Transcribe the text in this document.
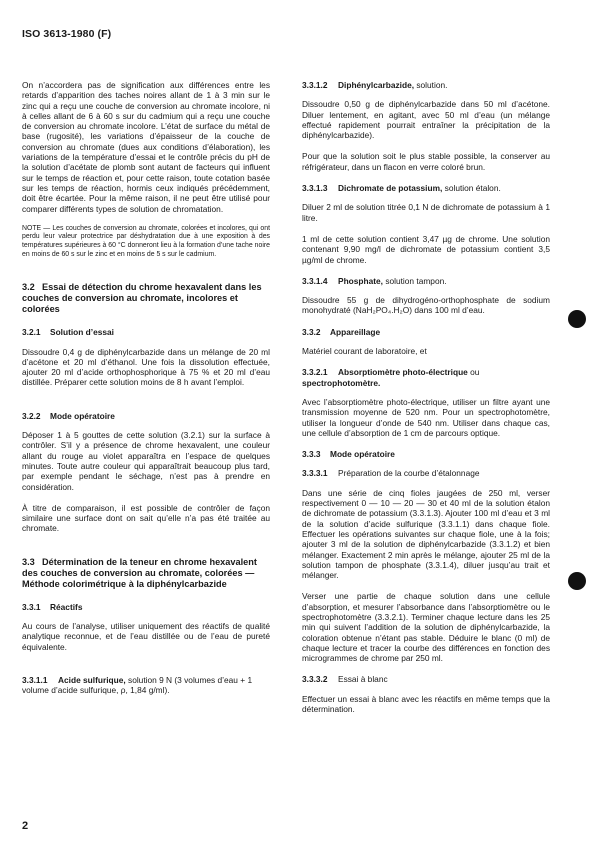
ISO 3613-1980 (F)

On n’accordera pas de signification aux différences entre les retards d’apparition des taches noires allant de 1 à 3 min sur le zinc qui a reçu une couche de conversion au chromate incolore, ni à celles allant de 6 à 60 s sur du cadmium qui a reçu une couche de conversion au chromate incolore. L’état de surface du métal de base (rugosité), les variations d’épaisseur de la couche de conversion au chromate (dues aux conditions d’élaboration), les variations de la température d’essai et le contrôle précis du pH de la solution d’acétate de plomb sont autant de facteurs qui influent sur le temps de réaction et, pour cette raison, toute cotation basée sur les temps de réaction, hormis ceux indiqués précédemment, doit être écartée. Pour la même raison, il ne peut être utilisé pour comparer différents types de solution de chromatation.

NOTE — Les couches de conversion au chromate, colorées et incolores, qui ont perdu leur valeur protectrice par déshydratation due à une exposition à des températures supérieures à 60 °C donneront lieu à la formation d’une tache noire en moins de 60 s sur le zinc et en moins de 5 s sur le cadmium.

3.2 Essai de détection du chrome hexavalent dans les couches de conversion au chromate, incolores et colorées
3.2.1 Solution d’essai

Dissoudre 0,4 g de diphénylcarbazide dans un mélange de 20 ml d’acétone et 20 ml d’éthanol. Une fois la dissolution effectuée, ajouter 20 ml d’acide orthophosphorique à 75 % et 20 ml d’eau distillée. Préparer cette solution moins de 8 h avant l’emploi.

3.2.2 Mode opératoire

Déposer 1 à 5 gouttes de cette solution (3.2.1) sur la surface à contrôler. S’il y a présence de chrome hexavalent, une couleur allant du rouge au violet apparaîtra en l’espace de quelques minutes. Toute autre couleur qui apparaîtrait beaucoup plus tard, par exemple pendant le séchage, n’est pas à prendre en considération.

À titre de comparaison, il est possible de contrôler de façon similaire une surface dont on sait qu’elle n’a pas été traitée au chromate.

3.3 Détermination de la teneur en chrome hexavalent des couches de conversion au chromate, colorées — Méthode colorimétrique à la diphénylcarbazide
3.3.1 Réactifs

Au cours de l’analyse, utiliser uniquement des réactifs de qualité analytique reconnue, et de l’eau distillée ou de l’eau de pureté équivalente.

3.3.1.1 Acide sulfurique, solution 9 N (3 volumes d’eau + 1 volume d’acide sulfurique, ρ, 1,84 g/ml).

3.3.1.2 Diphénylcarbazide, solution.

Dissoudre 0,50 g de diphénylcarbazide dans 50 ml d’acétone. Diluer lentement, en agitant, avec 50 ml d’eau (un mélange effectué rapidement pourrait entraîner la précipitation de la diphénylcarbazide).

Pour que la solution soit le plus stable possible, la conserver au réfrigérateur, dans un flacon en verre coloré brun.

3.3.1.3 Dichromate de potassium, solution étalon.

Diluer 2 ml de solution titrée 0,1 N de dichromate de potassium à 1 litre.

1 ml de cette solution contient 3,47 µg de chrome. Une solution contenant 9,90 mg/l de dichromate de potassium contient 3,5 µg/ml de chrome.

3.3.1.4 Phosphate, solution tampon.

Dissoudre 55 g de dihydrogéno-orthophosphate de sodium monohydraté (NaH₂PO₄.H₂O) dans 100 ml d’eau.

3.3.2 Appareillage

Matériel courant de laboratoire, et

3.3.2.1 Absorptiomètre photo-électrique ou spectrophotomètre.

Avec l’absorptiomètre photo-électrique, utiliser un filtre ayant une transmission moyenne de 520 nm. Pour un spectrophotomètre, utiliser la longueur d’onde de 540 nm. Utiliser dans chaque cas, une cellule d’absorption de 1 cm de parcours optique.

3.3.3 Mode opératoire
3.3.3.1 Préparation de la courbe d’étalonnage

Dans une série de cinq fioles jaugées de 250 ml, verser respectivement 0 — 10 — 20 — 30 et 40 ml de la solution étalon de dichromate de potassium (3.3.1.3). Ajouter 100 ml d’eau et 3 ml de la solution d’acide sulfurique (3.3.1.1) dans chaque fiole. Effectuer les opérations suivantes sur chaque fiole, une à la fois; ajouter 3 ml de la solution de diphénylcarbazide (3.3.1.2) et bien mélanger. Exactement 2 min après le mélange, ajouter 25 ml de la solution tampon de phosphate (3.3.1.4), diluer jusqu’au trait et mélanger.

Verser une partie de chaque solution dans une cellule d’absorption, et mesurer l’absorbance dans l’absorptiomètre ou le spectrophotomètre (3.3.2.1). Terminer chaque lecture dans les 25 min qui suivent l’addition de la solution de diphénylcarbazide, la coloration obtenue n’étant pas stable. Déduire le blanc (0 ml) de chaque lecture et tracer la courbe des différences en fonction des microgrammes de chrome par 250 ml.

3.3.3.2 Essai à blanc

Effectuer un essai à blanc avec les réactifs en même temps que la détermination.

2
